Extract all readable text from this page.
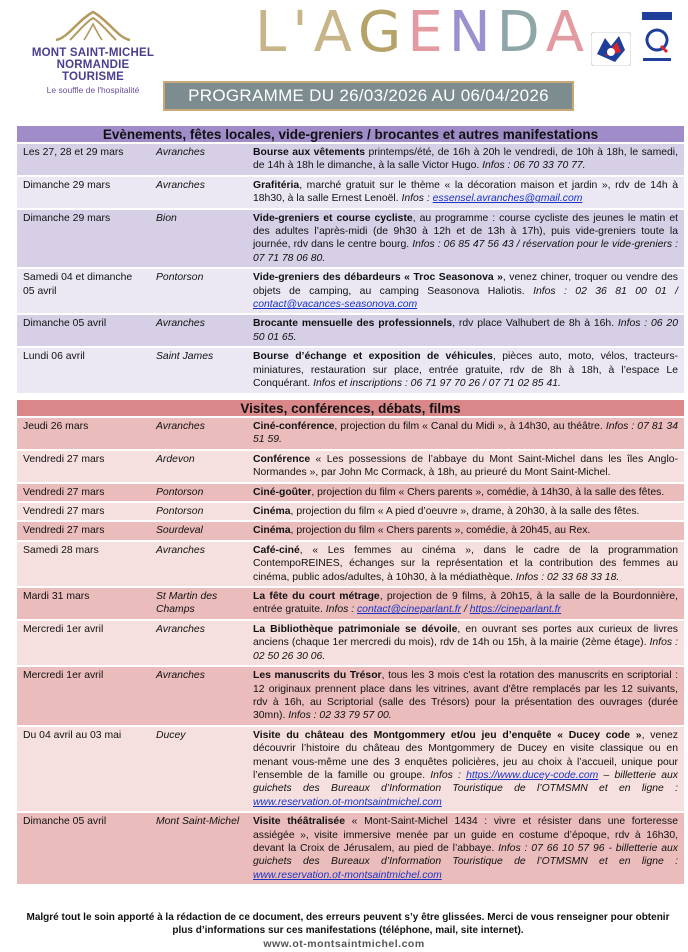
MONT SAINT-MICHEL
NORMANDIE TOURISME
Le souffle de l'hospitalité
L'AGENDA
PROGRAMME DU 26/03/2026 AU 06/04/2026
Evènements, fêtes locales, vide-greniers / brocantes et autres manifestations
Les 27, 28 et 29 mars	Avranches	Bourse aux vêtements printemps/été, de 16h à 20h le vendredi, de 10h à 18h, le samedi, de 14h à 18h le dimanche, à la salle Victor Hugo. Infos : 06 70 33 70 77.
Dimanche 29 mars	Avranches	Grafitéria, marché gratuit sur le thème « la décoration maison et jardin », rdv de 14h à 18h30, à la salle Ernest Lenoël. Infos : essensel.avranches@gmail.com
Dimanche 29 mars	Bion	Vide-greniers et course cycliste, au programme : course cycliste des jeunes le matin et des adultes l’après-midi (de 9h30 à 12h et de 13h à 17h), puis vide-greniers toute la journée, rdv dans le centre bourg. Infos : 06 85 47 56 43 / réservation pour le vide-greniers : 07 71 78 06 80.
Samedi 04 et dimanche 05 avril	Pontorson	Vide-greniers des débardeurs « Troc Seasonova », venez chiner, troquer ou vendre des objets de camping, au camping Seasonova Haliotis. Infos : 02 36 81 00 01 / contact@vacances-seasonova.com
Dimanche 05 avril	Avranches	Brocante mensuelle des professionnels, rdv place Valhubert de 8h à 16h. Infos : 06 20 50 01 65.
Lundi 06 avril	Saint James	Bourse d’échange et exposition de véhicules, pièces auto, moto, vélos, tracteurs-miniatures, restauration sur place, entrée gratuite, rdv de 8h à 18h, à l’espace Le Conquérant. Infos et inscriptions : 06 71 97 70 26 / 07 71 02 85 41.
Visites, conférences, débats, films
Jeudi 26 mars	Avranches	Ciné-conférence, projection du film « Canal du Midi », à 14h30, au théâtre. Infos : 07 81 34 51 59.
Vendredi 27 mars	Ardevon	Conférence « Les possessions de l’abbaye du Mont Saint-Michel dans les îles Anglo-Normandes », par John Mc Cormack, à 18h, au prieuré du Mont Saint-Michel.
Vendredi 27 mars	Pontorson	Ciné-goûter, projection du film « Chers parents », comédie, à 14h30, à la salle des fêtes.
Vendredi 27 mars	Pontorson	Cinéma, projection du film « A pied d’oeuvre », drame, à 20h30, à la salle des fêtes.
Vendredi 27 mars	Sourdeval	Cinéma, projection du film « Chers parents », comédie, à 20h45, au Rex.
Samedi 28 mars	Avranches	Café-ciné, « Les femmes au cinéma », dans le cadre de la programmation ContempoREINES, échanges sur la représentation et la contribution des femmes au cinéma, public ados/adultes, à 10h30, à la médiathèque. Infos : 02 33 68 33 18.
Mardi 31 mars	St Martin des Champs	La fête du court métrage, projection de 9 films, à 20h15, à la salle de la Bourdonnière, entrée gratuite. Infos : contact@cineparlant.fr / https://cineparlant.fr
Mercredi 1er avril	Avranches	La Bibliothèque patrimoniale se dévoile, en ouvrant ses portes aux curieux de livres anciens (chaque 1er mercredi du mois), rdv de 14h ou 15h, à la mairie (2ème étage). Infos : 02 50 26 30 06.
Mercredi 1er avril	Avranches	Les manuscrits du Trésor, tous les 3 mois c'est la rotation des manuscrits en scriptorial : 12 originaux prennent place dans les vitrines, avant d'être remplacés par les 12 suivants, rdv à 16h, au Scriptorial (salle des Trésors) pour la présentation des ouvrages (durée 30mn). Infos : 02 33 79 57 00.
Du 04 avril au 03 mai	Ducey	Visite du château des Montgommery et/ou jeu d’enquête « Ducey code », venez découvrir l’histoire du château des Montgommery de Ducey en visite classique ou en menant vous-même une des 3 enquêtes policières, jeu au choix à l’accueil, unique pour l’ensemble de la famille ou groupe. Infos : https://www.ducey-code.com – billetterie aux guichets des Bureaux d’Information Touristique de l’OTMSMN et en ligne : www.reservation.ot-montsaintmichel.com
Dimanche 05 avril	Mont Saint-Michel	Visite théâtralisée « Mont-Saint-Michel 1434 : vivre et résister dans une forteresse assiégée », visite immersive menée par un guide en costume d’époque, rdv à 16h30, devant la Croix de Jérusalem, au pied de l’abbaye. Infos : 07 66 10 57 96 - billetterie aux guichets des Bureaux d’Information Touristique de l’OTMSMN et en ligne : www.reservation.ot-montsaintmichel.com
Malgré tout le soin apporté à la rédaction de ce document, des erreurs peuvent s’y être glissées. Merci de vous renseigner pour obtenir plus d’informations sur ces manifestations (téléphone, mail, site internet).
www.ot-montsaintmichel.com
